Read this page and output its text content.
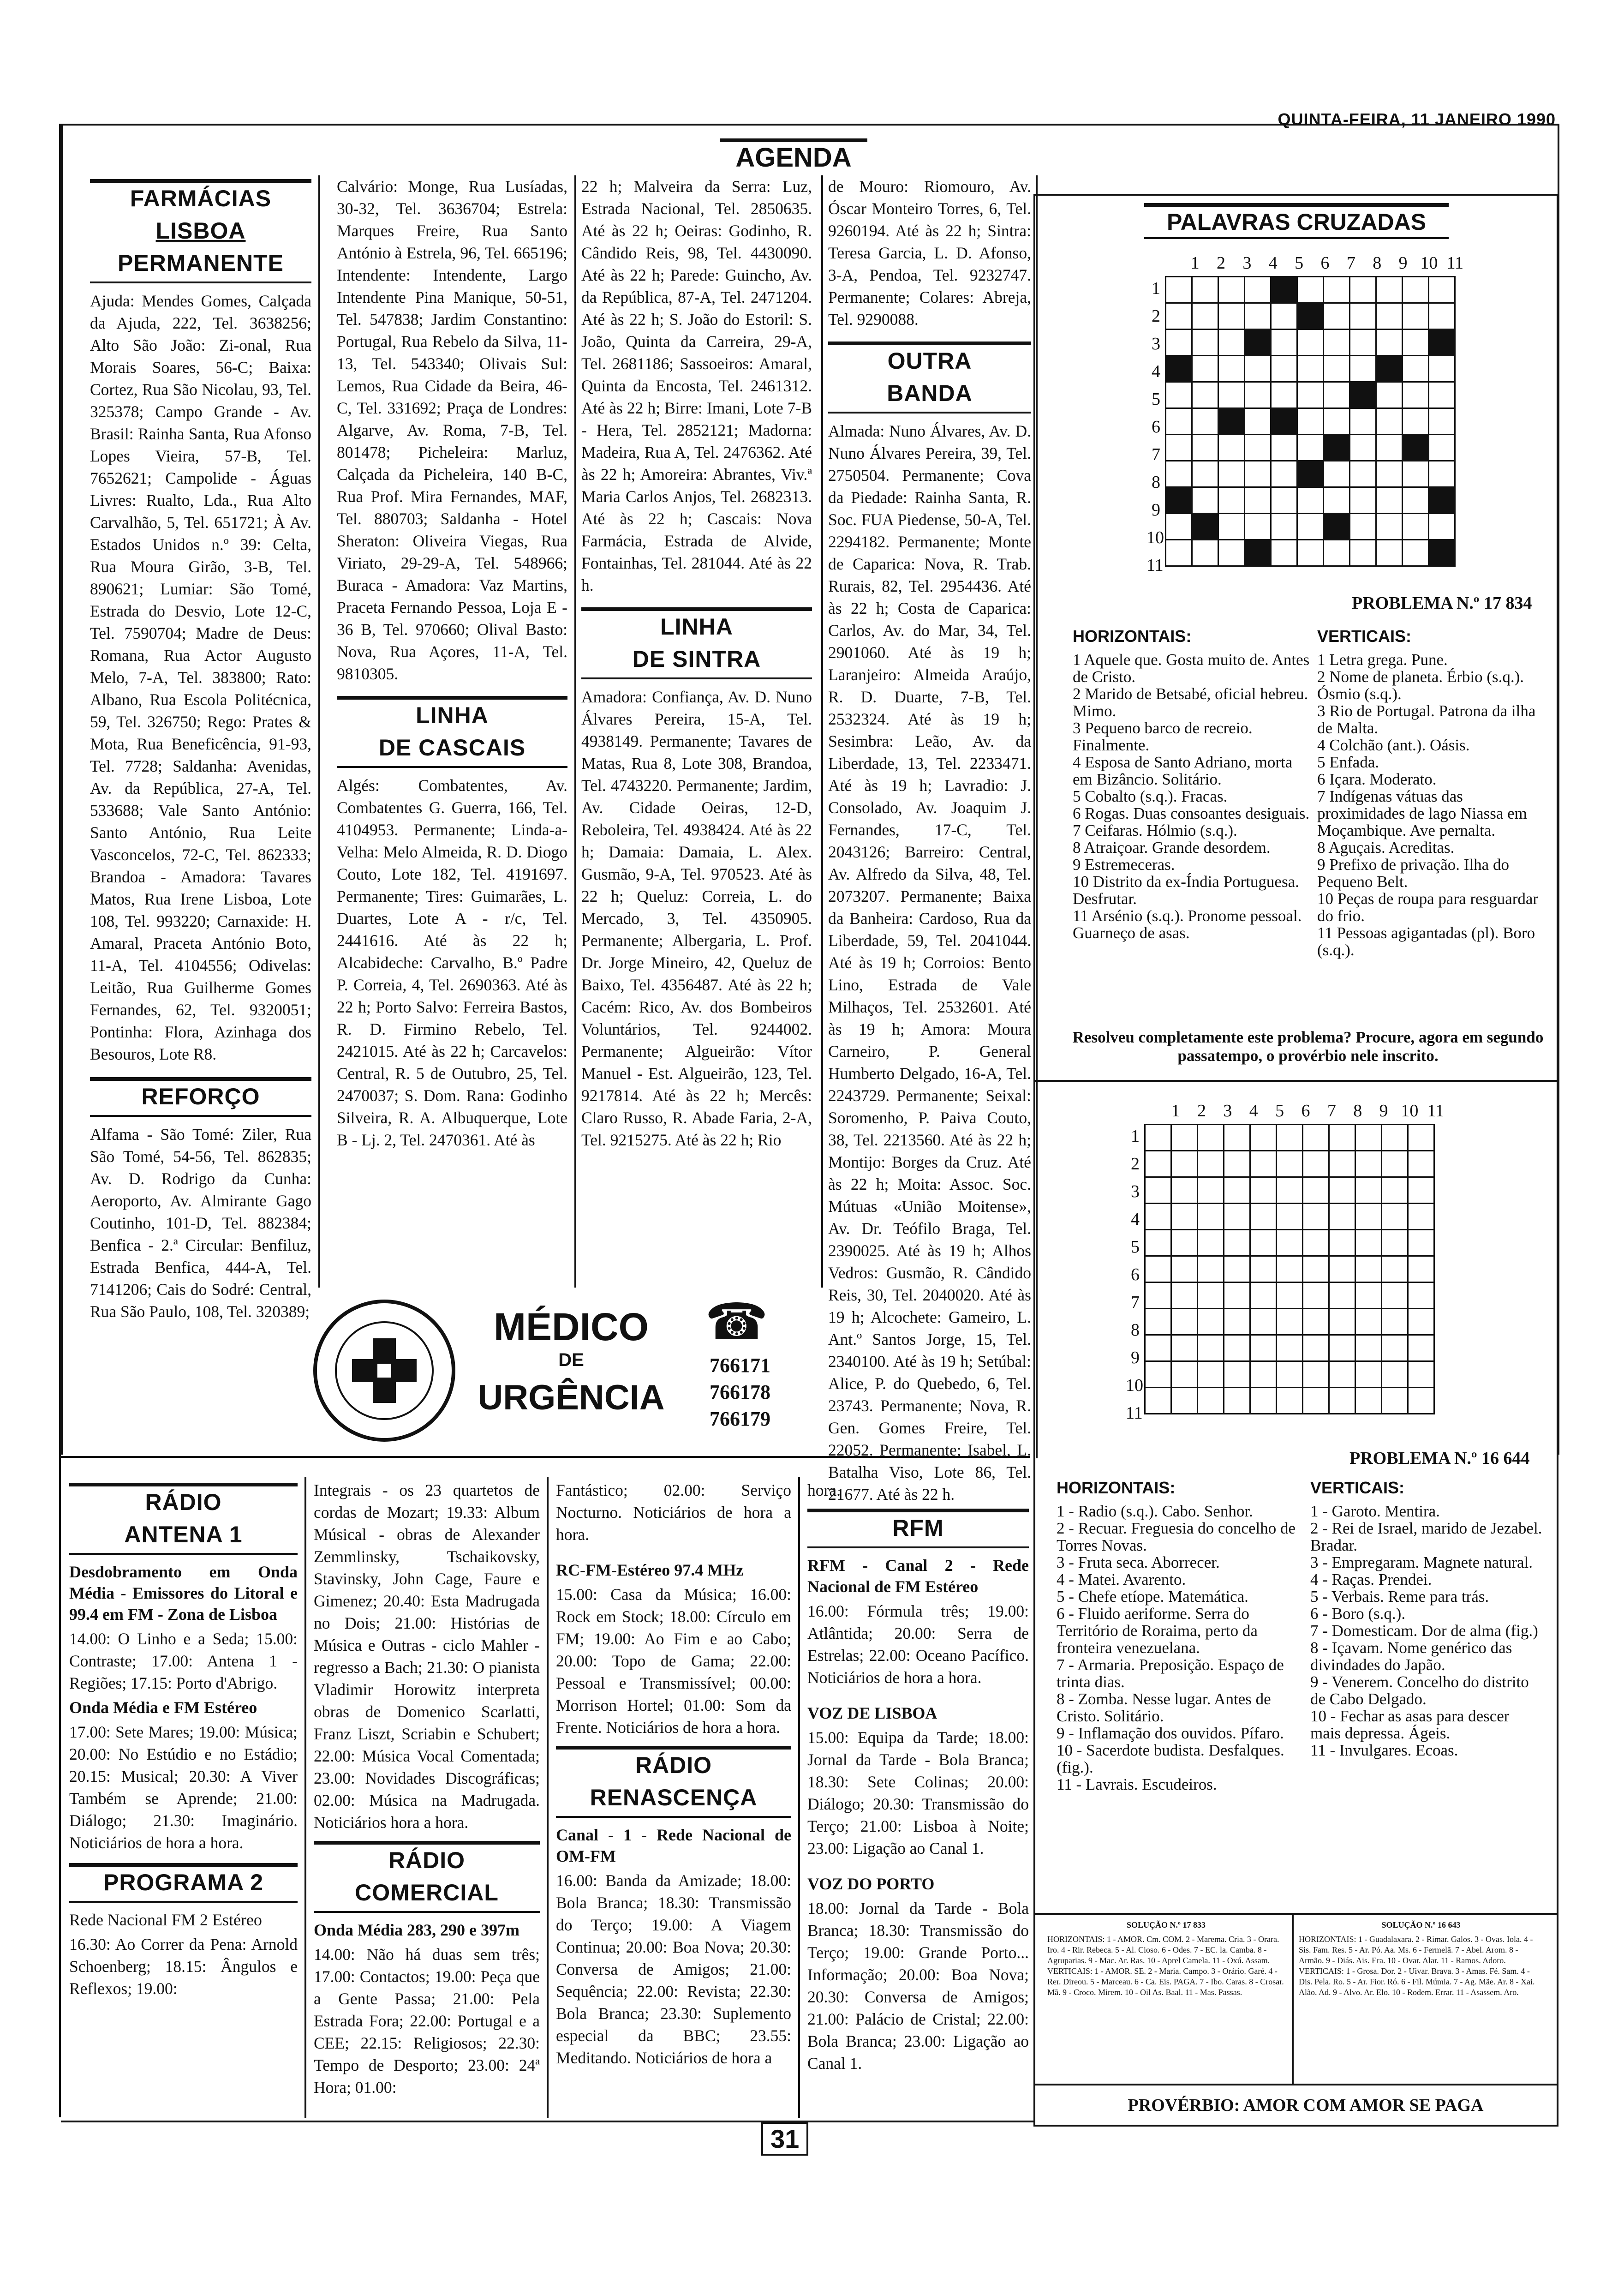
QUINTA-FEIRA, 11 JANEIRO 1990
AGENDA

FARMÁCIAS

LISBOA

PERMANENTE

Ajuda: Mendes Gomes, Calçada da Ajuda, 222, Tel. 3638256; Alto São João: Zi-onal, Rua Morais Soares, 56-C; Baixa: Cortez, Rua São Nicolau, 93, Tel. 325378; Campo Grande - Av. Brasil: Rainha Santa, Rua Afonso Lopes Vieira, 57-B, Tel. 7652621; Campolide - Águas Livres: Rualto, Lda., Rua Alto Carvalhão, 5, Tel. 651721; À Av. Estados Unidos n.º 39: Celta, Rua Moura Girão, 3-B, Tel. 890621; Lumiar: São Tomé, Estrada do Desvio, Lote 12-C, Tel. 7590704; Madre de Deus: Romana, Rua Actor Augusto Melo, 7-A, Tel. 383800; Rato: Albano, Rua Escola Politécnica, 59, Tel. 326750; Rego: Prates & Mota, Rua Beneficência, 91-93, Tel. 7728; Saldanha: Avenidas, Av. da República, 27-A, Tel. 533688; Vale Santo António: Santo António, Rua Leite Vasconcelos, 72-C, Tel. 862333; Brandoa - Amadora: Tavares Matos, Rua Irene Lisboa, Lote 108, Tel. 993220; Carnaxide: H. Amaral, Praceta António Boto, 11-A, Tel. 4104556; Odivelas: Leitão, Rua Guilherme Gomes Fernandes, 62, Tel. 9320051; Pontinha: Flora, Azinhaga dos Besouros, Lote R8.

REFORÇO

Alfama - São Tomé: Ziler, Rua São Tomé, 54-56, Tel. 862835; Av. D. Rodrigo da Cunha: Aeroporto, Av. Almirante Gago Coutinho, 101-D, Tel. 882384; Benfica - 2.ª Circular: Benfiluz, Estrada Benfica, 444-A, Tel. 7141206; Cais do Sodré: Central, Rua São Paulo, 108, Tel. 320389;

Calvário: Monge, Rua Lusíadas, 30-32, Tel. 3636704; Estrela: Marques Freire, Rua Santo António à Estrela, 96, Tel. 665196; Intendente: Intendente, Largo Intendente Pina Manique, 50-51, Tel. 547838; Jardim Constantino: Portugal, Rua Rebelo da Silva, 11-13, Tel. 543340; Olivais Sul: Lemos, Rua Cidade da Beira, 46-C, Tel. 331692; Praça de Londres: Algarve, Av. Roma, 7-B, Tel. 801478; Picheleira: Marluz, Calçada da Picheleira, 140 B-C, Rua Prof. Mira Fernandes, MAF, Tel. 880703; Saldanha - Hotel Sheraton: Oliveira Viegas, Rua Viriato, 29-29-A, Tel. 548966; Buraca - Amadora: Vaz Martins, Praceta Fernando Pessoa, Loja E - 36 B, Tel. 970660; Olival Basto: Nova, Rua Açores, 11-A, Tel. 9810305.

LINHA

DE CASCAIS

Algés: Combatentes, Av. Combatentes G. Guerra, 166, Tel. 4104953. Permanente; Linda-a-Velha: Melo Almeida, R. D. Diogo Couto, Lote 182, Tel. 4191697. Permanente; Tires: Guimarães, L. Duartes, Lote A - r/c, Tel. 2441616. Até às 22 h; Alcabideche: Carvalho, B.º Padre P. Correia, 4, Tel. 2690363. Até às 22 h; Porto Salvo: Ferreira Bastos, R. D. Firmino Rebelo, Tel. 2421015. Até às 22 h; Carcavelos: Central, R. 5 de Outubro, 25, Tel. 2470037; S. Dom. Rana: Godinho Silveira, R. A. Albuquerque, Lote B - Lj. 2, Tel. 2470361. Até às

22 h; Malveira da Serra: Luz, Estrada Nacional, Tel. 2850635. Até às 22 h; Oeiras: Godinho, R. Cândido Reis, 98, Tel. 4430090. Até às 22 h; Parede: Guincho, Av. da República, 87-A, Tel. 2471204. Até às 22 h; S. João do Estoril: S. João, Quinta da Carreira, 29-A, Tel. 2681186; Sassoeiros: Amaral, Quinta da Encosta, Tel. 2461312. Até às 22 h; Birre: Imani, Lote 7-B - Hera, Tel. 2852121; Madorna: Madeira, Rua A, Tel. 2476362. Até às 22 h; Amoreira: Abrantes, Viv.ª Maria Carlos Anjos, Tel. 2682313. Até às 22 h; Cascais: Nova Farmácia, Estrada de Alvide, Fontainhas, Tel. 281044. Até às 22 h.

LINHA

DE SINTRA

Amadora: Confiança, Av. D. Nuno Álvares Pereira, 15-A, Tel. 4938149. Permanente; Tavares de Matas, Rua 8, Lote 308, Brandoa, Tel. 4743220. Permanente; Jardim, Av. Cidade Oeiras, 12-D, Reboleira, Tel. 4938424. Até às 22 h; Damaia: Damaia, L. Alex. Gusmão, 9-A, Tel. 970523. Até às 22 h; Queluz: Correia, L. do Mercado, 3, Tel. 4350905. Permanente; Albergaria, L. Prof. Dr. Jorge Mineiro, 42, Queluz de Baixo, Tel. 4356487. Até às 22 h; Cacém: Rico, Av. dos Bombeiros Voluntários, Tel. 9244002. Permanente; Algueirão: Vítor Manuel - Est. Algueirão, 123, Tel. 9217814. Até às 22 h; Mercês: Claro Russo, R. Abade Faria, 2-A, Tel. 9215275. Até às 22 h; Rio

de Mouro: Riomouro, Av. Óscar Monteiro Torres, 6, Tel. 9260194. Até às 22 h; Sintra: Teresa Garcia, L. D. Afonso, 3-A, Pendoa, Tel. 9232747. Permanente; Colares: Abreja, Tel. 9290088.

OUTRA

BANDA

Almada: Nuno Álvares, Av. D. Nuno Álvares Pereira, 39, Tel. 2750504. Permanente; Cova da Piedade: Rainha Santa, R. Soc. FUA Piedense, 50-A, Tel. 2294182. Permanente; Monte de Caparica: Nova, R. Trab. Rurais, 82, Tel. 2954436. Até às 22 h; Costa de Caparica: Carlos, Av. do Mar, 34, Tel. 2901060. Até às 19 h; Laranjeiro: Almeida Araújo, R. D. Duarte, 7-B, Tel. 2532324. Até às 19 h; Sesimbra: Leão, Av. da Liberdade, 13, Tel. 2233471. Até às 19 h; Lavradio: J. Consolado, Av. Joaquim J. Fernandes, 17-C, Tel. 2043126; Barreiro: Central, Av. Alfredo da Silva, 48, Tel. 2073207. Permanente; Baixa da Banheira: Cardoso, Rua da Liberdade, 59, Tel. 2041044. Até às 19 h; Corroios: Bento Lino, Estrada de Vale Milhaços, Tel. 2532601. Até às 19 h; Amora: Moura Carneiro, P. General Humberto Delgado, 16-A, Tel. 2243729. Permanente; Seixal: Soromenho, P. Paiva Couto, 38, Tel. 2213560. Até às 22 h; Montijo: Borges da Cruz. Até às 22 h; Moita: Assoc. Soc. Mútuas «União Moitense», Av. Dr. Teófilo Braga, Tel. 2390025. Até às 19 h; Alhos Vedros: Gusmão, R. Cândido Reis, 30, Tel. 2040020. Até às 19 h; Alcochete: Gameiro, L. Ant.º Santos Jorge, 15, Tel. 2340100. Até às 19 h; Setúbal: Alice, P. do Quebedo, 6, Tel. 23743. Permanente; Nova, R. Gen. Gomes Freire, Tel. 22052. Permanente; Isabel, L. Batalha Viso, Lote 86, Tel. 21677. Até às 22 h.

MÉDICO
DE
URGÊNCIA
☎
766171
766178
766179
PALAVRAS CRUZADAS
1 2 3 4 5 6 7 8 9 10 11
1
2
3
4
5
6
7
8
9
10
11

PROBLEMA N.º 17 834
HORIZONTAIS:

1 Aquele que. Gosta muito de. Antes de Cristo.

2 Marido de Betsabé, oficial hebreu. Mimo.

3 Pequeno barco de recreio. Finalmente.

4 Esposa de Santo Adriano, morta em Bizâncio. Solitário.

5 Cobalto (s.q.). Fracas.

6 Rogas. Duas consoantes desiguais.

7 Ceifaras. Hólmio (s.q.).

8 Atraiçoar. Grande desordem.

9 Estremeceras.

10 Distrito da ex-Índia Portuguesa. Desfrutar.

11 Arsénio (s.q.). Pronome pessoal. Guarneço de asas.

VERTICAIS:

1 Letra grega. Pune.

2 Nome de planeta. Érbio (s.q.). Ósmio (s.q.).

3 Rio de Portugal. Patrona da ilha de Malta.

4 Colchão (ant.). Oásis.

5 Enfada.

6 Içara. Moderato.

7 Indígenas vátuas das proximidades de lago Niassa em Moçambique. Ave pernalta.

8 Aguçais. Acreditas.

9 Prefixo de privação. Ilha do Pequeno Belt.

10 Peças de roupa para resguardar do frio.

11 Pessoas agigantadas (pl). Boro (s.q.).

Resolveu completamente este problema? Procure, agora em segundo passatempo, o provérbio nele inscrito.
1 2 3 4 5 6 7 8 9 10 11
1
2
3
4
5
6
7
8
9
10
11

PROBLEMA N.º 16 644
HORIZONTAIS:

1 - Radio (s.q.). Cabo. Senhor.

2 - Recuar. Freguesia do concelho de Torres Novas.

3 - Fruta seca. Aborrecer.

4 - Matei. Avarento.

5 - Chefe etíope. Matemática.

6 - Fluido aeriforme. Serra do Território de Roraima, perto da fronteira venezuelana.

7 - Armaria. Preposição. Espaço de trinta dias.

8 - Zomba. Nesse lugar. Antes de Cristo. Solitário.

9 - Inflamação dos ouvidos. Pífaro.

10 - Sacerdote budista. Desfalques. (fig.).

11 - Lavrais. Escudeiros.

VERTICAIS:

1 - Garoto. Mentira.

2 - Rei de Israel, marido de Jezabel. Bradar.

3 - Empregaram. Magnete natural.

4 - Raças. Prendei.

5 - Verbais. Reme para trás.

6 - Boro (s.q.).

7 - Domesticam. Dor de alma (fig.)

8 - Içavam. Nome genérico das divindades do Japão.

9 - Venerem. Concelho do distrito de Cabo Delgado.

10 - Fechar as asas para descer mais depressa. Ágeis.

11 - Invulgares. Ecoas.

SOLUÇÃO N.º 17 833
HORIZONTAIS: 1 - AMOR. Cm. COM. 2 - Marema. Cria. 3 - Orara. Iro. 4 - Rir. Rebeca. 5 - Al. Cioso. 6 - Odes. 7 - EC. la. Camba. 8 - Agruparias. 9 - Mac. Ar. Ras. 10 - Aprel Camela. 11 - Oxú. Assam. VERTICAIS: 1 - AMOR. SE. 2 - Maria. Campo. 3 - Orário. Garé. 4 - Rer. Direou. 5 - Marceau. 6 - Ca. Eis. PAGA. 7 - Ibo. Caras. 8 - Crosar. Mã. 9 - Croco. Mirem. 10 - Oil As. Baal. 11 - Mas. Passas.
SOLUÇÃO N.º 16 643
HORIZONTAIS: 1 - Guadalaxara. 2 - Rimar. Galos. 3 - Ovas. Iola. 4 - Sis. Fam. Res. 5 - Ar. Pó. Aa. Ms. 6 - Fermelã. 7 - Abel. Arom. 8 - Armão. 9 - Diás. Ais. Era. 10 - Ovar. Alar. 11 - Ramos. Adoro. VERTICAIS: 1 - Grosa. Dor. 2 - Uivar. Brava. 3 - Amas. Fé. Sam. 4 - Dis. Pela. Ro. 5 - Ar. Fior. Ró. 6 - Fil. Múmia. 7 - Ag. Mãe. Ar. 8 - Xai. Alão. Ad. 9 - Alvo. Ar. Elo. 10 - Rodem. Errar. 11 - Asassem. Aro.
PROVÉRBIO: AMOR COM AMOR SE PAGA

RÁDIO

ANTENA 1

Desdobramento em Onda Média - Emissores do Litoral e 99.4 em FM - Zona de Lisboa

14.00: O Linho e a Seda; 15.00: Contraste; 17.00: Antena 1 - Regiões; 17.15: Porto d'Abrigo.

Onda Média e FM Estéreo

17.00: Sete Mares; 19.00: Música; 20.00: No Estúdio e no Estádio; 20.15: Musical; 20.30: A Viver Também se Aprende; 21.00: Diálogo; 21.30: Imaginário. Noticiários de hora a hora.

PROGRAMA 2

Rede Nacional FM 2 Estéreo

16.30: Ao Correr da Pena: Arnold Schoenberg; 18.15: Ângulos e Reflexos; 19.00:

Integrais - os 23 quartetos de cordas de Mozart; 19.33: Album Músical - obras de Alexander Zemmlinsky, Tschaikovsky, Stavinsky, John Cage, Faure e Gimenez; 20.40: Esta Madrugada no Dois; 21.00: Histórias de Música e Outras - ciclo Mahler - regresso a Bach; 21.30: O pianista Vladimir Horowitz interpreta obras de Domenico Scarlatti, Franz Liszt, Scriabin e Schubert; 22.00: Música Vocal Comentada; 23.00: Novidades Discográficas; 02.00: Música na Madrugada. Noticiários hora a hora.

RÁDIO

COMERCIAL

Onda Média 283, 290 e 397m

14.00: Não há duas sem três; 17.00: Contactos; 19.00: Peça que a Gente Passa; 21.00: Pela Estrada Fora; 22.00: Portugal e a CEE; 22.15: Religiosos; 22.30: Tempo de Desporto; 23.00: 24ª Hora; 01.00:

Fantástico; 02.00: Serviço Nocturno. Noticiários de hora a hora.

RC-FM-Estéreo 97.4 MHz

15.00: Casa da Música; 16.00: Rock em Stock; 18.00: Círculo em FM; 19.00: Ao Fim e ao Cabo; 20.00: Topo de Gama; 22.00: Pessoal e Transmissível; 00.00: Morrison Hortel; 01.00: Som da Frente. Noticiários de hora a hora.

RÁDIO

RENASCENÇA

Canal - 1 - Rede Nacional de OM-FM

16.00: Banda da Amizade; 18.00: Bola Branca; 18.30: Transmissão do Terço; 19.00: A Viagem Continua; 20.00: Boa Nova; 20.30: Conversa de Amigos; 21.00: Sequência; 22.00: Revista; 22.30: Bola Branca; 23.30: Suplemento especial da BBC; 23.55: Meditando. Noticiários de hora a

hora.

RFM

RFM - Canal 2 - Rede Nacional de FM Estéreo

16.00: Fórmula três; 19.00: Atlântida; 20.00: Serra de Estrelas; 22.00: Oceano Pacífico. Noticiários de hora a hora.

VOZ DE LISBOA

15.00: Equipa da Tarde; 18.00: Jornal da Tarde - Bola Branca; 18.30: Sete Colinas; 20.00: Diálogo; 20.30: Transmissão do Terço; 21.00: Lisboa à Noite; 23.00: Ligação ao Canal 1.

VOZ DO PORTO

18.00: Jornal da Tarde - Bola Branca; 18.30: Transmissão do Terço; 19.00: Grande Porto... Informação; 20.00: Boa Nova; 20.30: Conversa de Amigos; 21.00: Palácio de Cristal; 22.00: Bola Branca; 23.00: Ligação ao Canal 1.

31
